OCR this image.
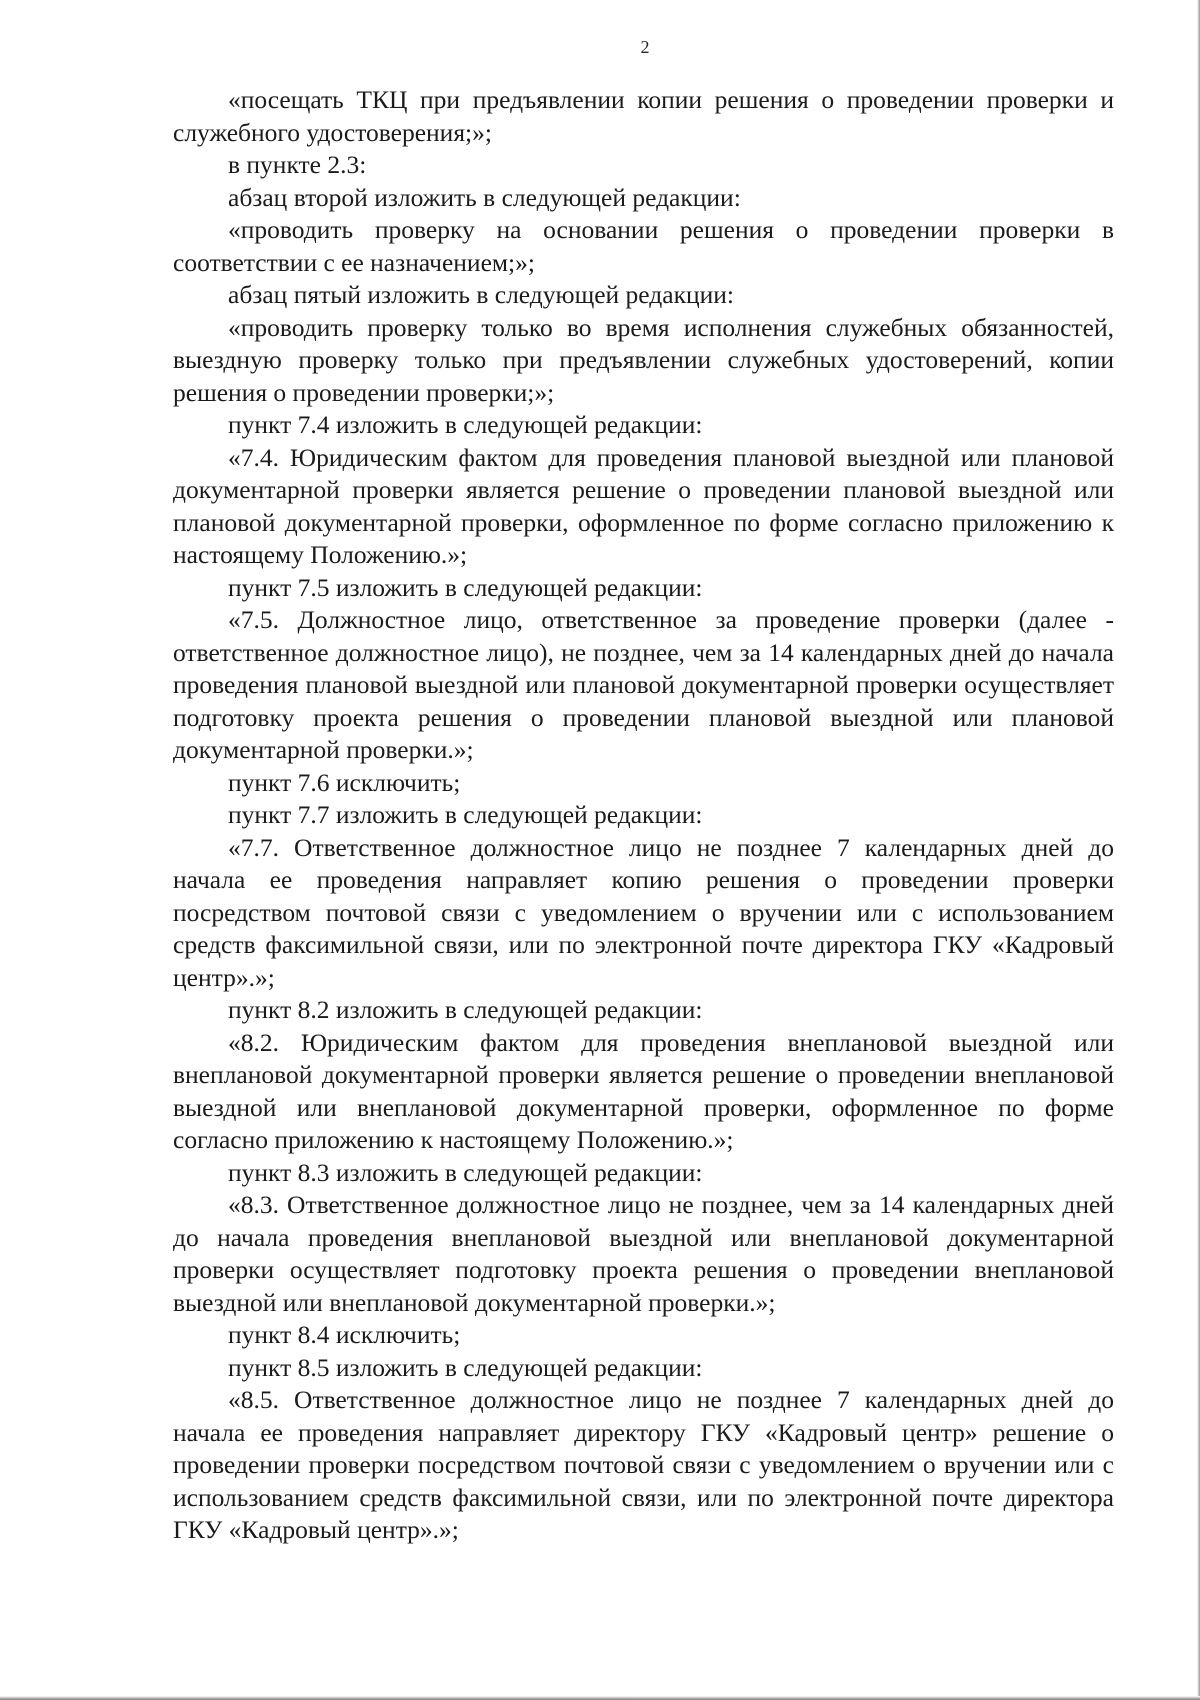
2

«посещать ТКЦ при предъявлении копии решения о проведении проверки и служебного удостоверения;»;

в пункте 2.3:

абзац второй изложить в следующей редакции:

«проводить проверку на основании решения о проведении проверки в соответствии с ее назначением;»;

абзац пятый изложить в следующей редакции:

«проводить проверку только во время исполнения служебных обязанностей, выездную проверку только при предъявлении служебных удостоверений, копии решения о проведении проверки;»;

пункт 7.4 изложить в следующей редакции:

«7.4. Юридическим фактом для проведения плановой выездной или плановой документарной проверки является решение о проведении плановой выездной или плановой документарной проверки, оформленное по форме согласно приложению к настоящему Положению.»;

пункт 7.5 изложить в следующей редакции:

«7.5. Должностное лицо, ответственное за проведение проверки (далее - ответственное должностное лицо), не позднее, чем за 14 календарных дней до начала проведения плановой выездной или плановой документарной проверки осуществляет подготовку проекта решения о проведении плановой выездной или плановой документарной проверки.»;

пункт 7.6 исключить;

пункт 7.7 изложить в следующей редакции:

«7.7. Ответственное должностное лицо не позднее 7 календарных дней до начала ее проведения направляет копию решения о проведении проверки посредством почтовой связи с уведомлением о вручении или с использованием средств факсимильной связи, или по электронной почте директора ГКУ «Кадровый центр».»;

пункт 8.2 изложить в следующей редакции:

«8.2. Юридическим фактом для проведения внеплановой выездной или внеплановой документарной проверки является решение о проведении внеплановой выездной или внеплановой документарной проверки, оформленное по форме согласно приложению к настоящему Положению.»;

пункт 8.3 изложить в следующей редакции:

«8.3. Ответственное должностное лицо не позднее, чем за 14 календарных дней до начала проведения внеплановой выездной или внеплановой документарной проверки осуществляет подготовку проекта решения о проведении внеплановой выездной или внеплановой документарной проверки.»;

пункт 8.4 исключить;

пункт 8.5 изложить в следующей редакции:

«8.5. Ответственное должностное лицо не позднее 7 календарных дней до начала ее проведения направляет директору ГКУ «Кадровый центр» решение о проведении проверки посредством почтовой связи с уведомлением о вручении или с использованием средств факсимильной связи, или по электронной почте директора ГКУ «Кадровый центр».»;
